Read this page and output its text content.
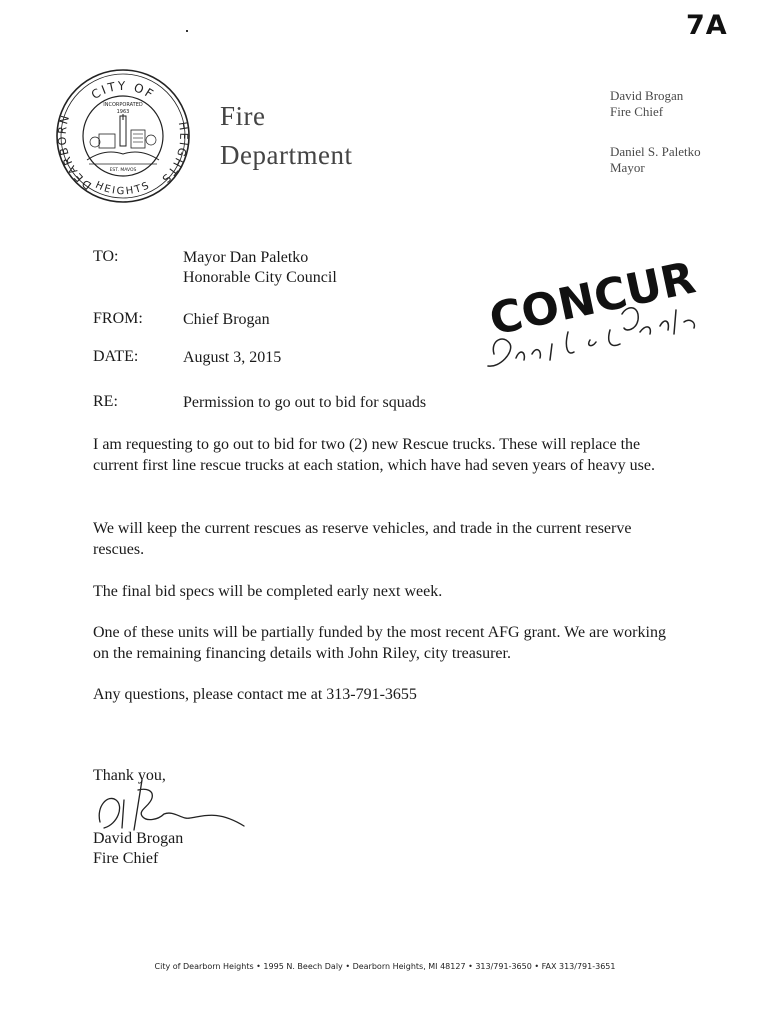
7A
CITY OF
DEARBORN
HEIGHTS
HEIGHTS
INCORPORATED
1963
EST. MAVOS
Fire
Department
David Brogan
Fire Chief
Daniel S. Paletko
Mayor
TO:	Mayor Dan Paletko
Honorable City Council
FROM:	Chief Brogan
DATE:	August 3, 2015
RE:	Permission to go out to bid for squads
CONCUR
I am requesting to go out to bid for two (2) new Rescue trucks. These will replace the current first line rescue trucks at each station, which have had seven years of heavy use.
We will keep the current rescues as reserve vehicles, and trade in the current reserve rescues.
The final bid specs will be completed early next week.
One of these units will be partially funded by the most recent AFG grant. We are working on the remaining financing details with John Riley, city treasurer.
Any questions, please contact me at 313-791-3655
Thank you,
David Brogan
Fire Chief
City of Dearborn Heights • 1995 N. Beech Daly • Dearborn Heights, MI 48127 • 313/791-3650 • FAX 313/791-3651
